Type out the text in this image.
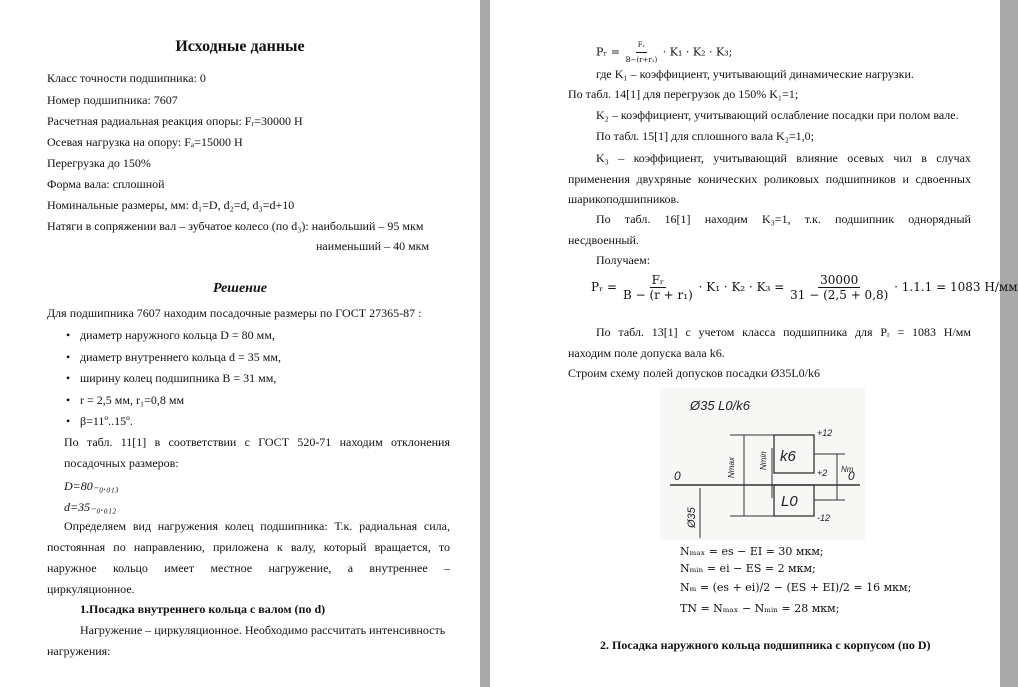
Исходные данные
Класс точности подшипника: 0
Номер подшипника: 7607
Расчетная радиальная реакция опоры: Fᵣ=30000 Н
Осевая нагрузка на опору: Fₐ=15000 Н
Перегрузка до 150%
Форма вала: сплошной
Номинальные размеры, мм: d₁=D, d₂=d, d₃=d+10
Натяги в сопряжении вал – зубчатое колесо (по d₃): наибольший – 95 мкм
наименьший – 40 мкм
Решение
Для подшипника 7607 находим посадочные размеры по ГОСТ 27365-87 :
• диаметр наружного кольца D = 80 мм,
• диаметр внутреннего кольца d = 35 мм,
• ширину колец подшипника B = 31 мм,
• r = 2,5 мм, r₁=0,8 мм
• β=11º..15º.
По табл. 11[1] в соответствии с ГОСТ 520-71 находим отклонения
посадочных размеров:
D=80₋₀.₀₁₃
d=35₋₀.₀₁₂
Определяем вид нагружения колец подшипника: Т.к. радиальная сила,
постоянная по направлению, приложена к валу, который вращается, то
наружное кольцо имеет местное нагружение, а внутреннее –
циркуляционное.
1.Посадка внутреннего кольца с валом (по d)
Нагружение – циркуляционное. Необходимо рассчитать интенсивность
нагружения:
Pᵣ = $\frac{\text{Fᵣ}}{\text{B−(r+r₁)}} \cdot K_1 \cdot K_2 \cdot K_3$;
где K₁ – коэффициент, учитывающий динамические нагрузки.
По табл. 14[1] для перегрузок до 150% K₁=1;
K₂ – коэффициент, учитывающий ослабление посадки при полом вале.
По табл. 15[1] для сплошного вала K₂=1,0;
K₃ – коэффициент, учитывающий влияние осевых чил в случах
применения двухряные конических роликовых подшипников и сдвоенных
шарикоподшипников.
По табл. 16[1] находим K₃=1, т.к. подшипник однорядный
несдвоенный.
Получаем:
Pᵣ = $\frac{\text{Fᵣ}}{\text{B − (r + r₁)}} \cdot K_1 \cdot K_2 \cdot K_3 = \frac{30000}{31 - (2,5 + 0,8)} \cdot 1.1.1 = 1083$ Н/мм
По табл. 13[1] с учетом класса подшипника для Pᵣ = 1083 Н/мм
находим поле допуска вала k6.
Строим схему полей допусков посадки Ø35L0/k6
Ø35 L0/k6
0	0
k6
L0
+12
+2
-12
Nmax	Nmin	Nm
Ø35
Nₘₐₓ = es − EI = 30 мкм;
Nₘᵢₙ = ei − ES = 2 мкм;
Nₘ = (es + ei)/2 − (ES + EI)/2 = 16 мкм;
TN = Nₘₐₓ − Nₘᵢₙ = 28 мкм;
2. Посадка наружного кольца подшипника с корпусом (по D)
